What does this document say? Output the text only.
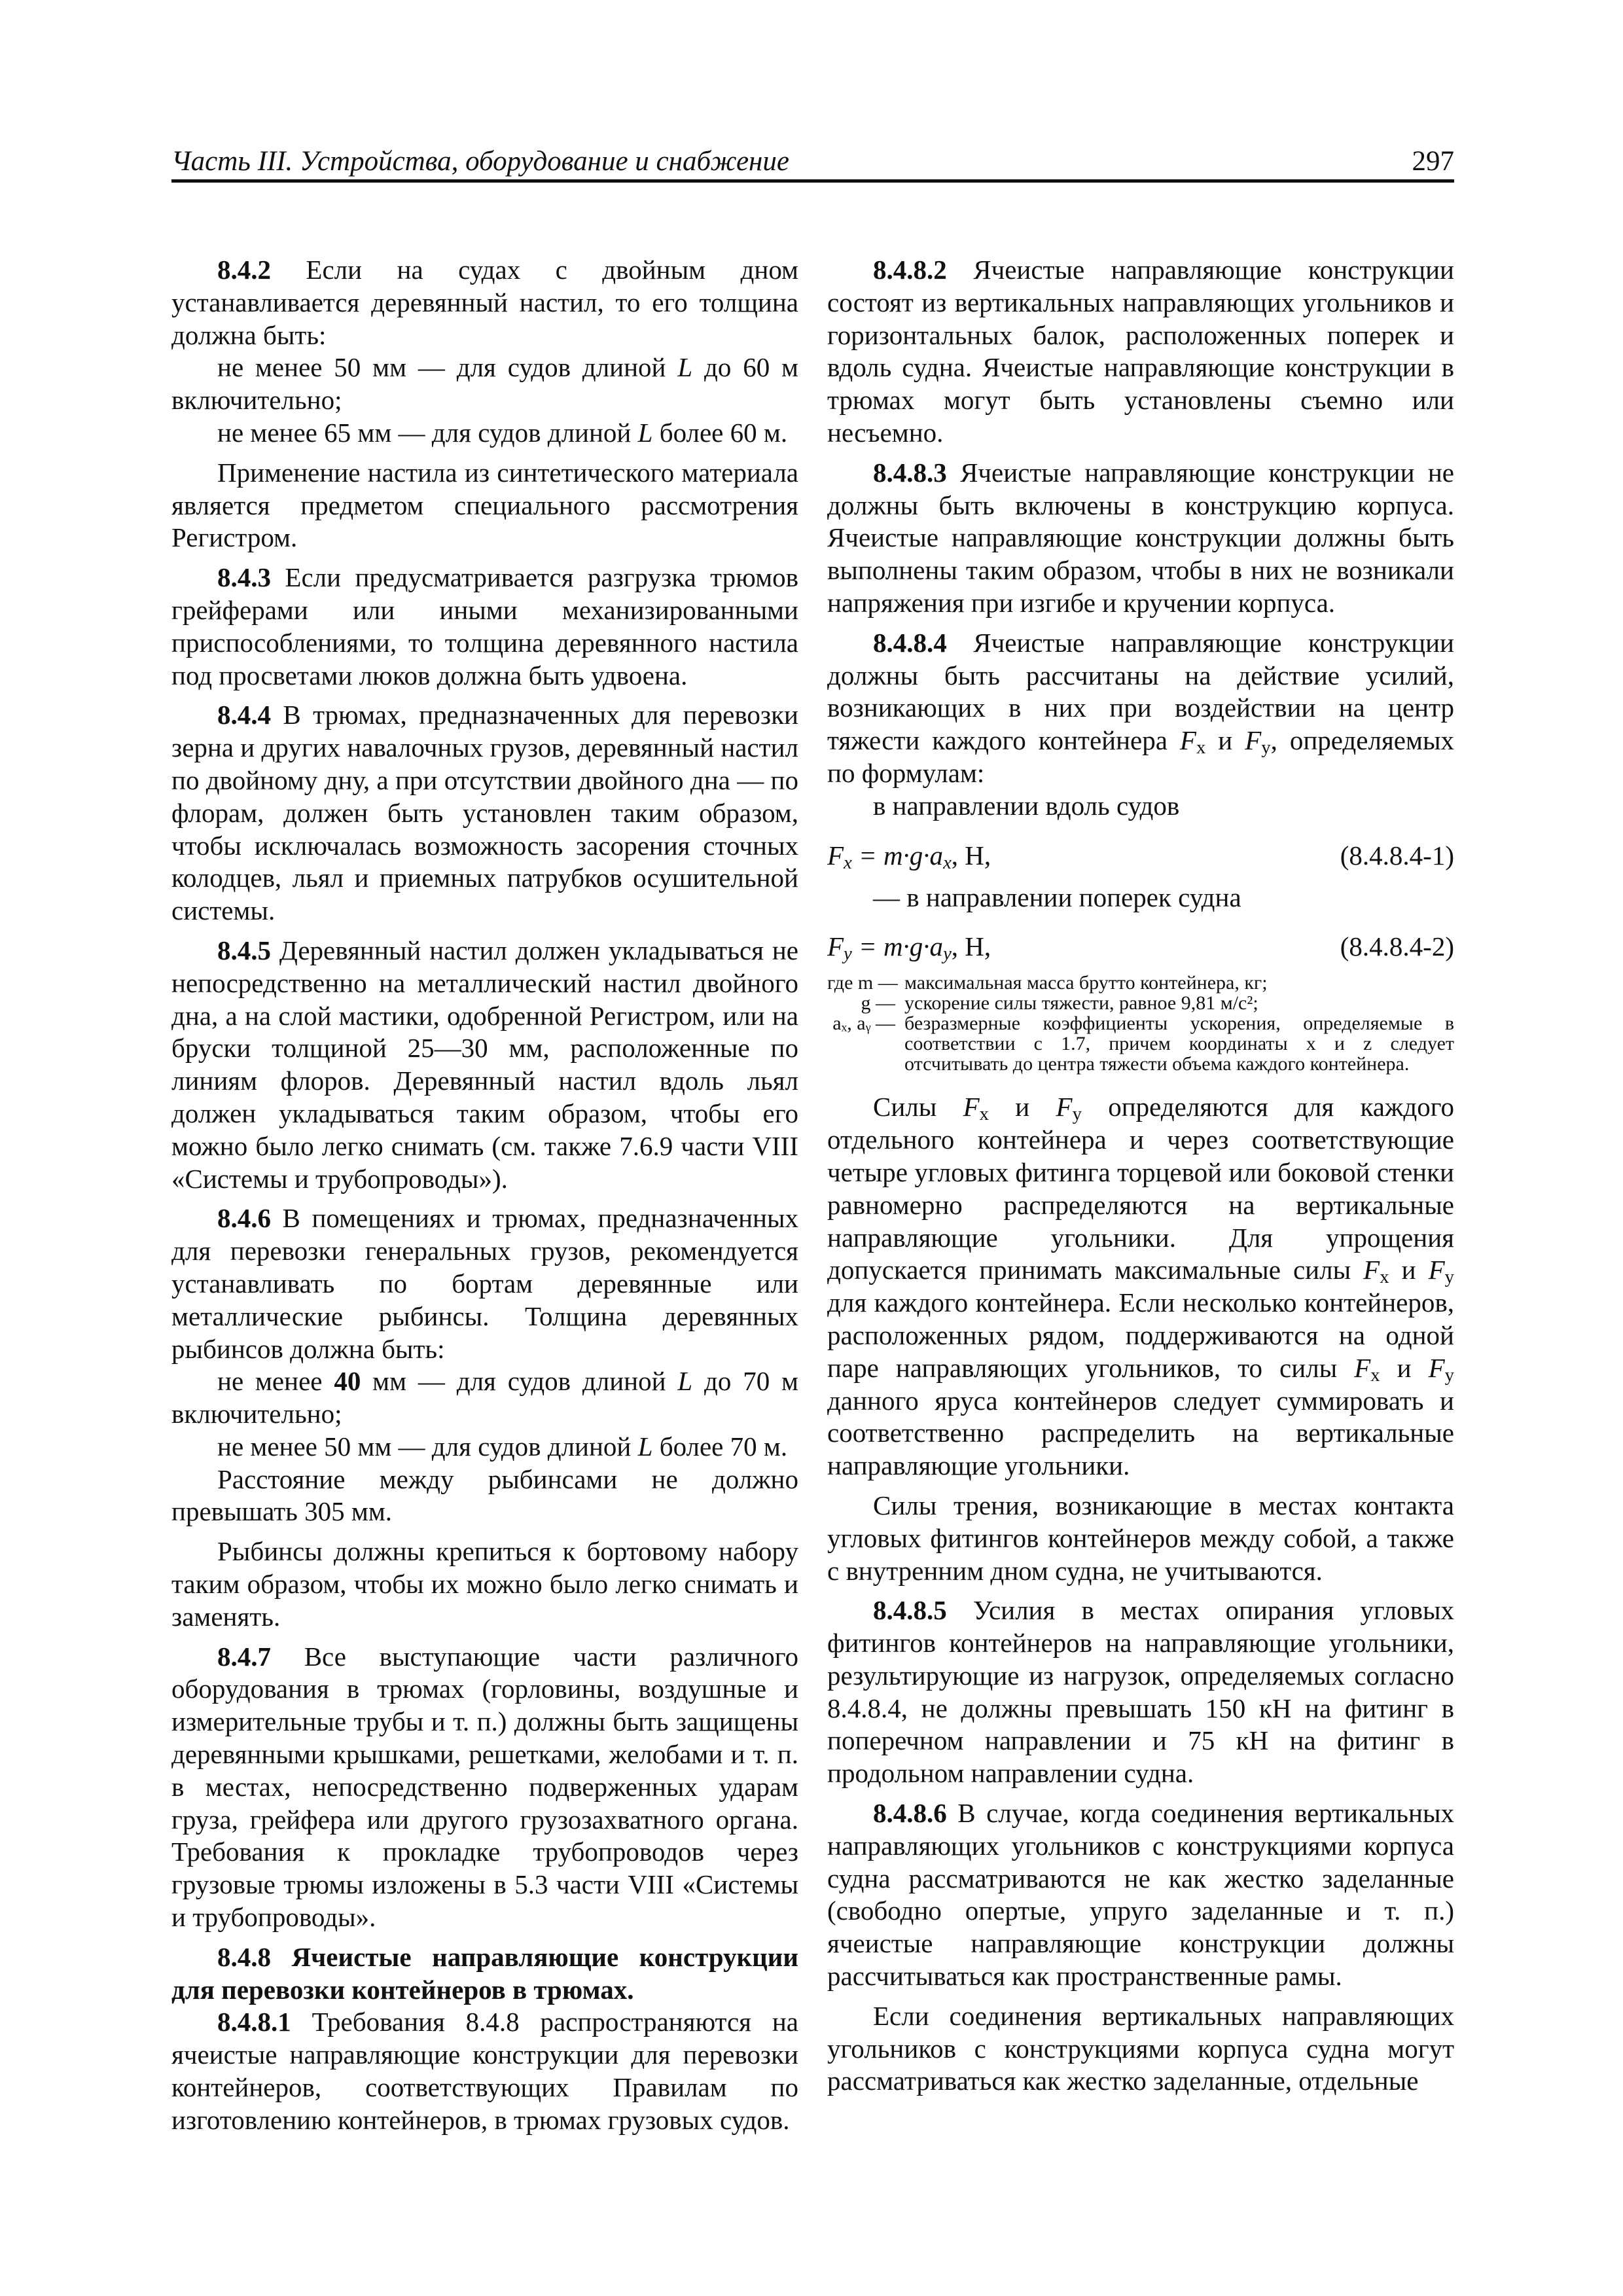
Часть III. Устройства, оборудование и снабжение	297

8.4.2 Если на судах с двойным дном устанавливается деревянный настил, то его толщина должна быть:

не менее 50 мм — для судов длиной L до 60 м включительно;

не менее 65 мм — для судов длиной L более 60 м.

Применение настила из синтетического материала является предметом специального рассмотрения Регистром.

8.4.3 Если предусматривается разгрузка трюмов грейферами или иными механизированными приспособлениями, то толщина деревянного настила под просветами люков должна быть удвоена.

8.4.4 В трюмах, предназначенных для перевозки зерна и других навалочных грузов, деревянный настил по двойному дну, а при отсутствии двойного дна — по флорам, должен быть установлен таким образом, чтобы исключалась возможность засорения сточных колодцев, льял и приемных патрубков осушительной системы.

8.4.5 Деревянный настил должен укладываться не непосредственно на металлический настил двойного дна, а на слой мастики, одобренной Регистром, или на бруски толщиной 25—30 мм, расположенные по линиям флоров. Деревянный настил вдоль льял должен укладываться таким образом, чтобы его можно было легко снимать (см. также 7.6.9 части VIII «Системы и трубопроводы»).

8.4.6 В помещениях и трюмах, предназначенных для перевозки генеральных грузов, рекомендуется устанавливать по бортам деревянные или металлические рыбинсы. Толщина деревянных рыбинсов должна быть:

не менее 40 мм — для судов длиной L до 70 м включительно;

не менее 50 мм — для судов длиной L более 70 м.

Расстояние между рыбинсами не должно превышать 305 мм.

Рыбинсы должны крепиться к бортовому набору таким образом, чтобы их можно было легко снимать и заменять.

8.4.7 Все выступающие части различного оборудования в трюмах (горловины, воздушные и измерительные трубы и т. п.) должны быть защищены деревянными крышками, решетками, желобами и т. п. в местах, непосредственно подверженных ударам груза, грейфера или другого грузозахватного органа. Требования к прокладке трубопроводов через грузовые трюмы изложены в 5.3 части VIII «Системы и трубопроводы».

8.4.8 Ячеистые направляющие конструкции для перевозки контейнеров в трюмах.

8.4.8.1 Требования 8.4.8 распространяются на ячеистые направляющие конструкции для перевозки контейнеров, соответствующих Правилам по изготовлению контейнеров, в трюмах грузовых судов.

8.4.8.2 Ячеистые направляющие конструкции состоят из вертикальных направляющих угольников и горизонтальных балок, расположенных поперек и вдоль судна. Ячеистые направляющие конструкции в трюмах могут быть установлены съемно или несъемно.

8.4.8.3 Ячеистые направляющие конструкции не должны быть включены в конструкцию корпуса. Ячеистые направляющие конструкции должны быть выполнены таким образом, чтобы в них не возникали напряжения при изгибе и кручении корпуса.

8.4.8.4 Ячеистые направляющие конструкции должны быть рассчитаны на действие усилий, возникающих в них при воздействии на центр тяжести каждого контейнера $F_x$ и $F_y$, определяемых по формулам:

в направлении вдоль судов

$F_x = m\cdot g\cdot a_x$, Н,	(8.4.8.4-1)

— в направлении поперек судна

$F_y = m\cdot g\cdot a_y$, Н,	(8.4.8.4-2)
где m — максимальная масса брутто контейнера, кг;
g — ускорение силы тяжести, равное 9,81 м/с²;
aₓ, aᵧ — безразмерные коэффициенты ускорения, определяемые в соответствии с 1.7, причем координаты x и z следует отсчитывать до центра тяжести объема каждого контейнера.

Силы $F_x$ и $F_y$ определяются для каждого отдельного контейнера и через соответствующие четыре угловых фитинга торцевой или боковой стенки равномерно распределяются на вертикальные направляющие угольники. Для упрощения допускается принимать максимальные силы $F_x$ и $F_y$ для каждого контейнера. Если несколько контейнеров, расположенных рядом, поддерживаются на одной паре направляющих угольников, то силы $F_x$ и $F_y$ данного яруса контейнеров следует суммировать и соответственно распределить на вертикальные направляющие угольники.

Силы трения, возникающие в местах контакта угловых фитингов контейнеров между собой, а также с внутренним дном судна, не учитываются.

8.4.8.5 Усилия в местах опирания угловых фитингов контейнеров на направляющие угольники, результирующие из нагрузок, определяемых согласно 8.4.8.4, не должны превышать 150 кН на фитинг в поперечном направлении и 75 кН на фитинг в продольном направлении судна.

8.4.8.6 В случае, когда соединения вертикальных направляющих угольников с конструкциями корпуса судна рассматриваются не как жестко заделанные (свободно опертые, упруго заделанные и т. п.) ячеистые направляющие конструкции должны рассчитываться как пространственные рамы.

Если соединения вертикальных направляющих угольников с конструкциями корпуса судна могут рассматриваться как жестко заделанные, отдельные
